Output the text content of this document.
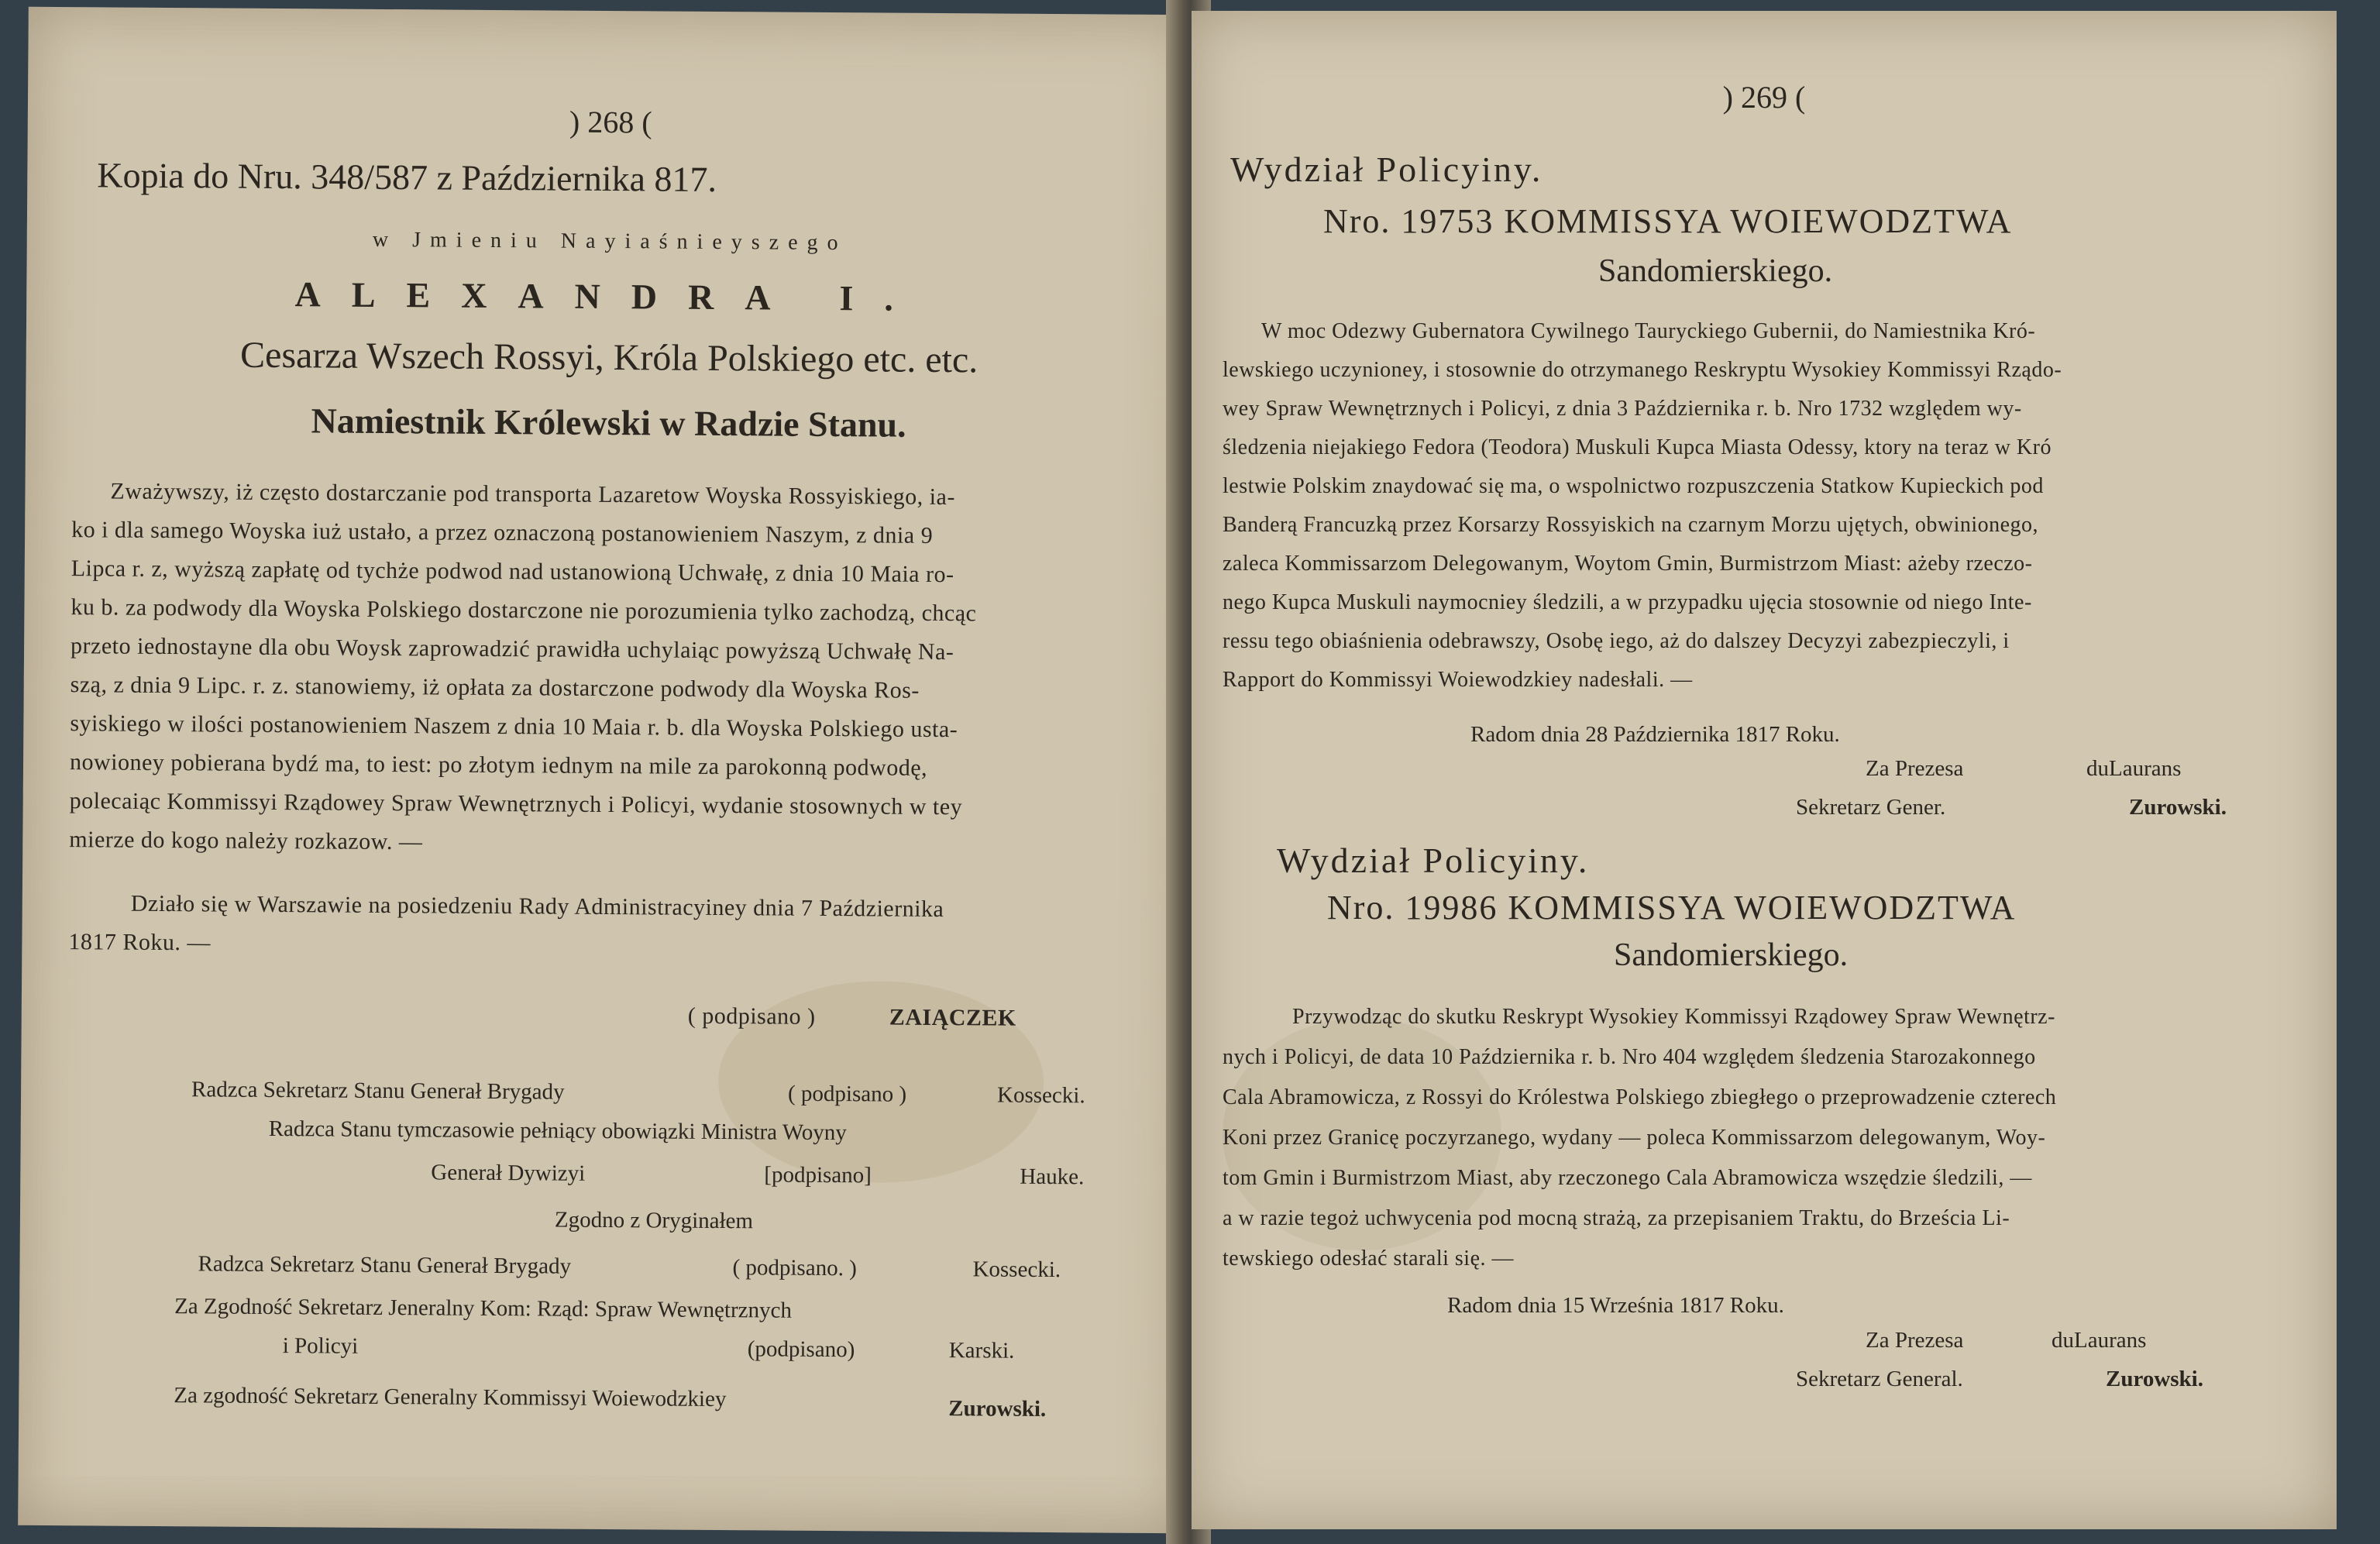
) 268 (
Kopia do Nru. 348/587 z Października 817.
w Jmieniu Nayiaśnieyszego
ALEXANDRA I.
Cesarza Wszech Rossyi, Króla Polskiego etc. etc.
Namiestnik Królewski w Radzie Stanu.
Zważywszy, iż często dostarczanie pod transporta Lazaretow Woyska Rossyiskiego, ia-
ko i dla samego Woyska iuż ustało, a przez oznaczoną postanowieniem Naszym, z dnia 9
Lipca r. z, wyższą zapłatę od tychże podwod nad ustanowioną Uchwałę, z dnia 10 Maia ro-
ku b. za podwody dla Woyska Polskiego dostarczone nie porozumienia tylko zachodzą, chcąc
przeto iednostayne dla obu Woysk zaprowadzić prawidła uchylaiąc powyższą Uchwałę Na-
szą, z dnia 9 Lipc. r. z. stanowiemy, iż opłata za dostarczone podwody dla Woyska Ros-
syiskiego w ilości postanowieniem Naszem z dnia 10 Maia r. b. dla Woyska Polskiego usta-
nowioney pobierana bydź ma, to iest: po złotym iednym na mile za parokonną podwodę,
polecaiąc Kommissyi Rządowey Spraw Wewnętrznych i Policyi, wydanie stosownych w tey
mierze do kogo należy rozkazow. —
Działo się w Warszawie na posiedzeniu Rady Administracyiney dnia 7 Października
1817 Roku. —
( podpisano )	ZAIĄCZEK
Radzca Sekretarz Stanu Generał Brygady	( podpisano )	Kossecki.
Radzca Stanu tymczasowie pełniący obowiązki Ministra Woyny
Generał Dywizyi	[podpisano]	Hauke.
Zgodno z Oryginałem
Radzca Sekretarz Stanu Generał Brygady	( podpisano. )	Kossecki.
Za Zgodność Sekretarz Jeneralny Kom: Rząd: Spraw Wewnętrznych
i Policyi	(podpisano)	Karski.
Za zgodność Sekretarz Generalny Kommissyi Woiewodzkiey	Zurowski.
) 269 (
Wydział Policyiny.
Nro. 19753 KOMMISSYA WOIEWODZTWA
Sandomierskiego.
W moc Odezwy Gubernatora Cywilnego Tauryckiego Gubernii, do Namiestnika Kró-
lewskiego uczynioney, i stosownie do otrzymanego Reskryptu Wysokiey Kommissyi Rządo-
wey Spraw Wewnętrznych i Policyi, z dnia 3 Października r. b. Nro 1732 względem wy-
śledzenia niejakiego Fedora (Teodora) Muskuli Kupca Miasta Odessy, ktory na teraz w Kró
lestwie Polskim znaydować się ma, o wspolnictwo rozpuszczenia Statkow Kupieckich pod
Banderą Francuzką przez Korsarzy Rossyiskich na czarnym Morzu ujętych, obwinionego,
zaleca Kommissarzom Delegowanym, Woytom Gmin, Burmistrzom Miast: ażeby rzeczo-
nego Kupca Muskuli naymocniey śledzili, a w przypadku ujęcia stosownie od niego Inte-
ressu tego obiaśnienia odebrawszy, Osobę iego, aż do dalszey Decyzyi zabezpieczyli, i
Rapport do Kommissyi Woiewodzkiey nadesłali. —
Radom dnia 28 Października 1817 Roku.
Za Prezesa	duLaurans
Sekretarz Gener.	Zurowski.
Wydział Policyiny.
Nro. 19986 KOMMISSYA WOIEWODZTWA
Sandomierskiego.
Przywodząc do skutku Reskrypt Wysokiey Kommissyi Rządowey Spraw Wewnętrz-
nych i Policyi, de data 10 Października r. b. Nro 404 względem śledzenia Starozakonnego
Cala Abramowicza, z Rossyi do Królestwa Polskiego zbiegłego o przeprowadzenie czterech
Koni przez Granicę poczyrzanego, wydany — poleca Kommissarzom delegowanym, Woy-
tom Gmin i Burmistrzom Miast, aby rzeczonego Cala Abramowicza wszędzie śledzili, —
a w razie tegoż uchwycenia pod mocną strażą, za przepisaniem Traktu, do Brześcia Li-
tewskiego odesłać starali się. —
Radom dnia 15 Września 1817 Roku.
Za Prezesa	duLaurans
Sekretarz General.	Zurowski.
